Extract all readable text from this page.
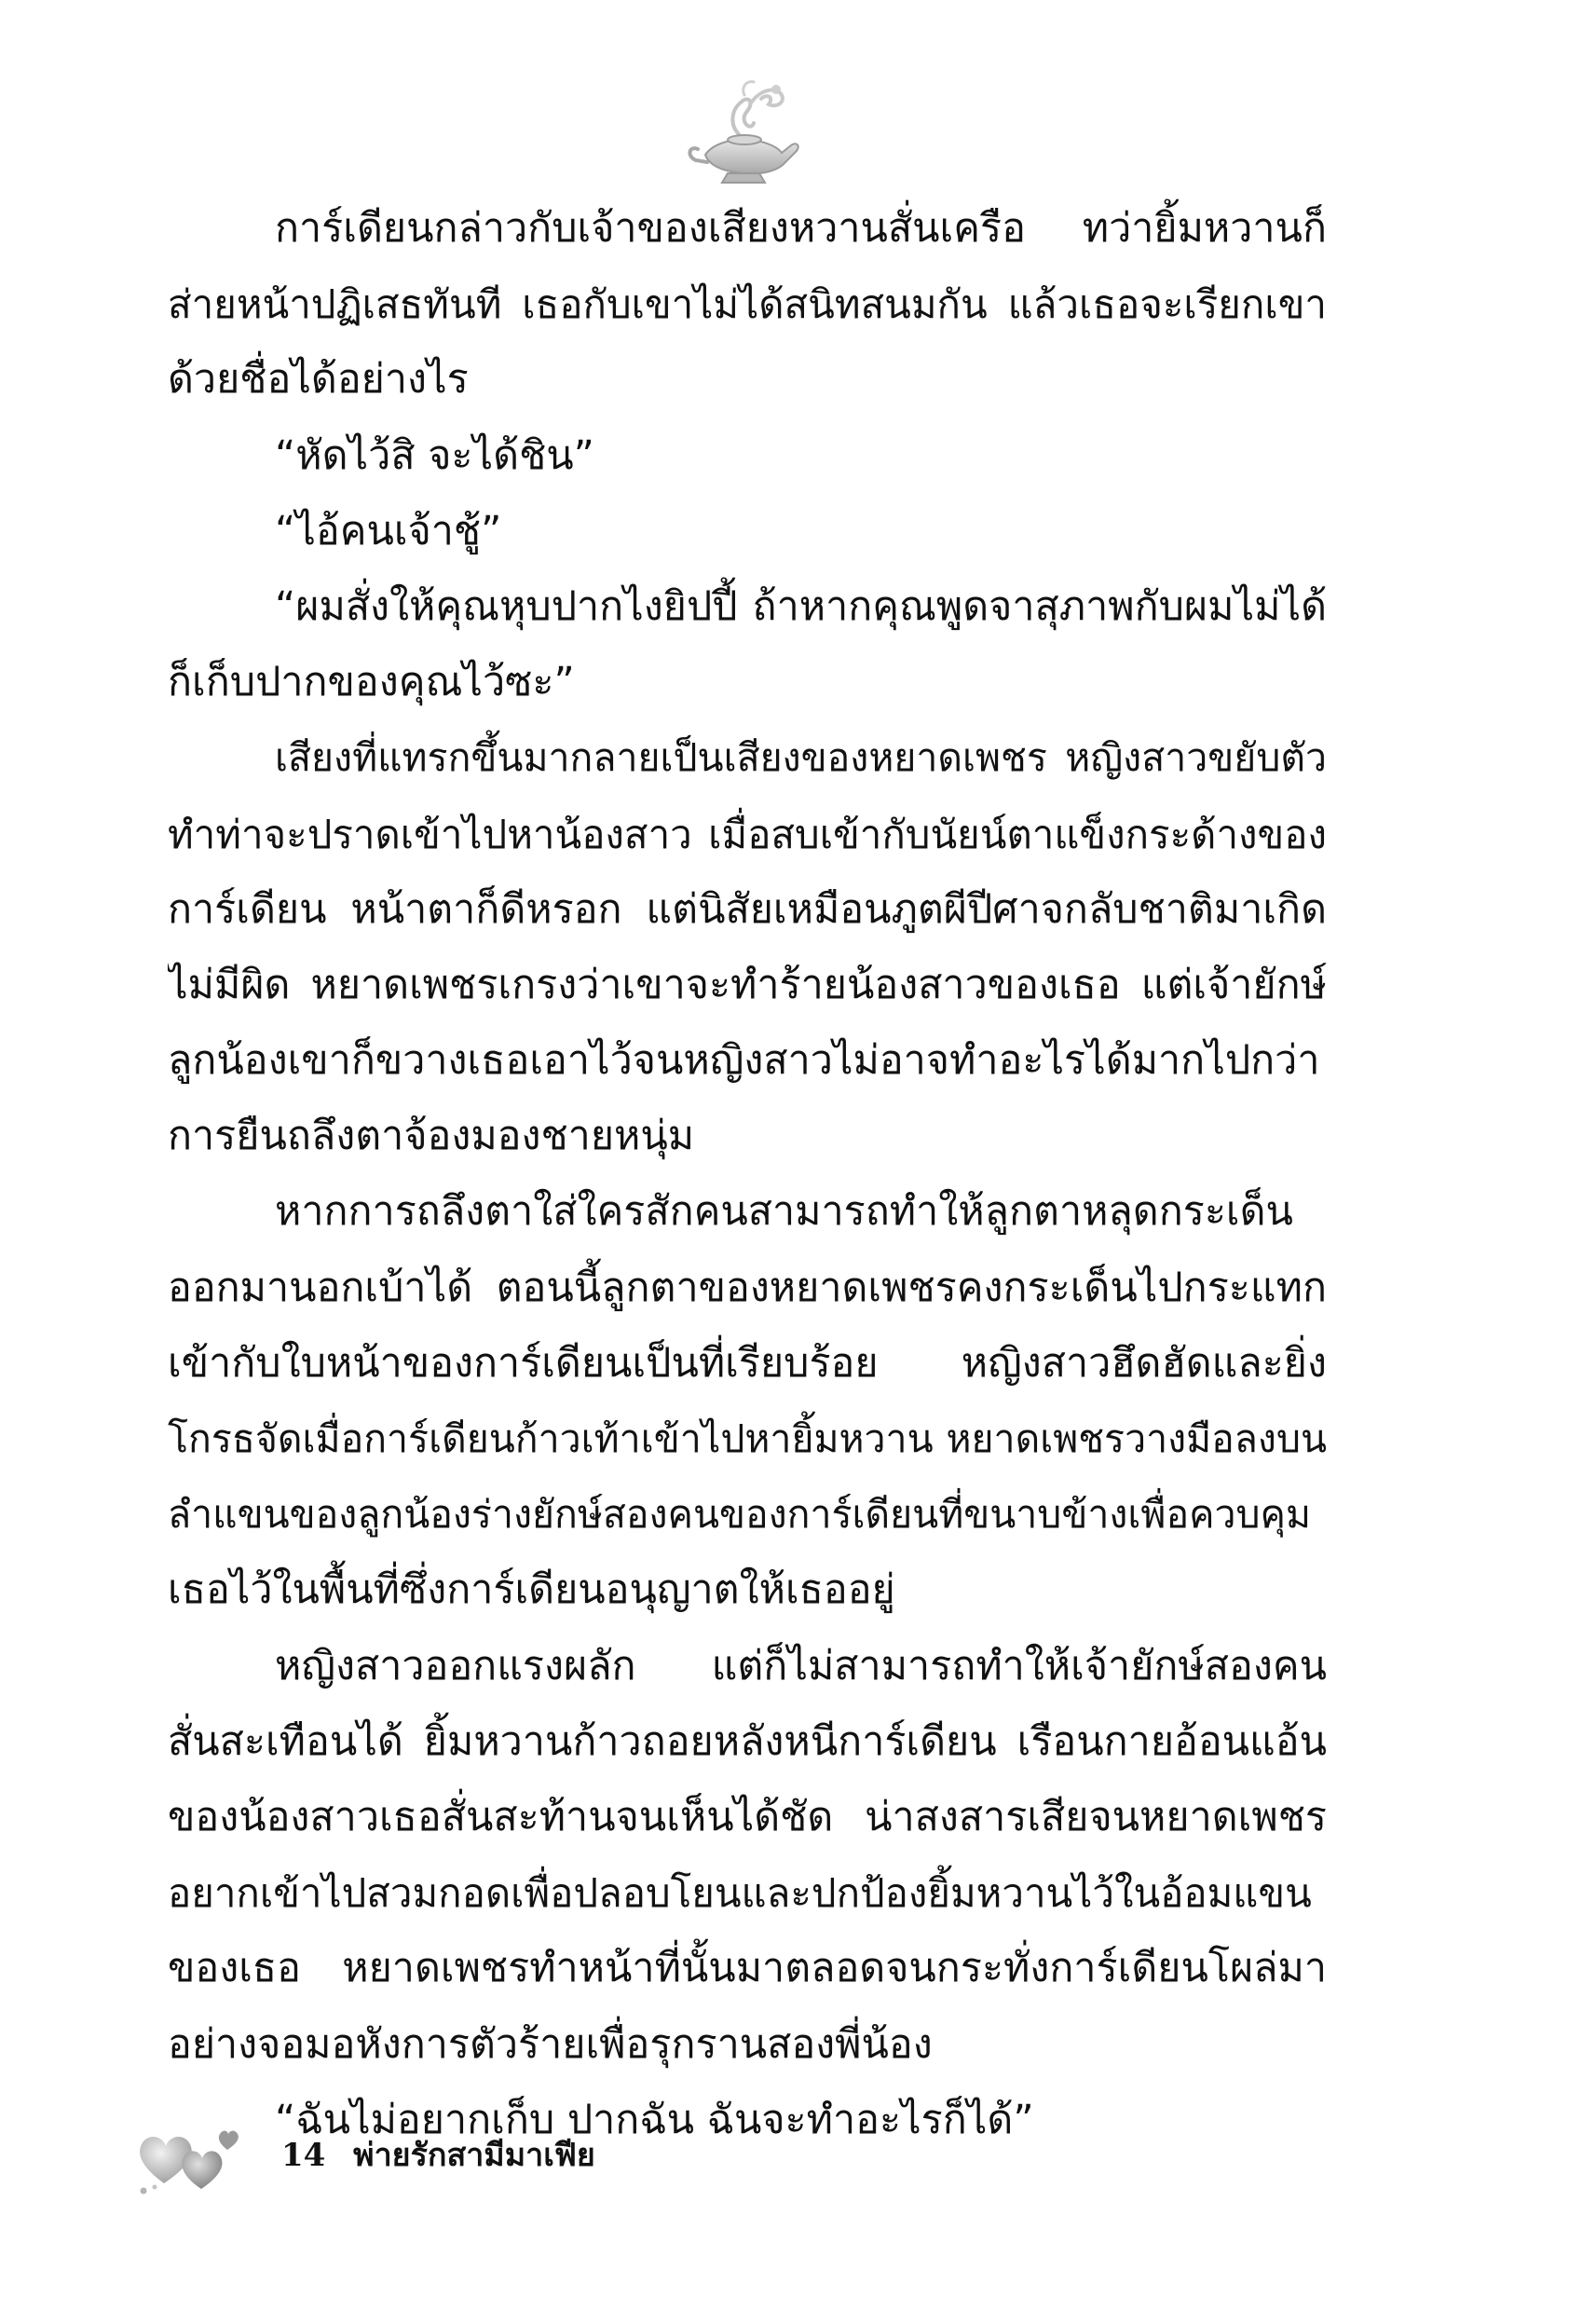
การ์เดียนกล่าวกับเจ้าของเสียงหวานสั่นเครือ ทว่ายิ้มหวานก็
ส่ายหน้าปฏิเสธทันที เธอกับเขาไม่ได้สนิทสนมกัน แล้วเธอจะเรียกเขา
ด้วยชื่อได้อย่างไร
“หัดไว้สิ จะได้ชิน”
“ไอ้คนเจ้าชู้”
“ผมสั่งให้คุณหุบปากไงยิปปี้ ถ้าหากคุณพูดจาสุภาพกับผมไม่ได้
ก็เก็บปากของคุณไว้ซะ”
เสียงที่แทรกขึ้นมากลายเป็นเสียงของหยาดเพชร หญิงสาวขยับตัว
ทำท่าจะปราดเข้าไปหาน้องสาว เมื่อสบเข้ากับนัยน์ตาแข็งกระด้างของ
การ์เดียน หน้าตาก็ดีหรอก แต่นิสัยเหมือนภูตผีปีศาจกลับชาติมาเกิด
ไม่มีผิด หยาดเพชรเกรงว่าเขาจะทำร้ายน้องสาวของเธอ แต่เจ้ายักษ์
ลูกน้องเขาก็ขวางเธอเอาไว้จนหญิงสาวไม่อาจทำอะไรได้มากไปกว่า
การยืนถลึงตาจ้องมองชายหนุ่ม
หากการถลึงตาใส่ใครสักคนสามารถทำให้ลูกตาหลุดกระเด็น
ออกมานอกเบ้าได้ ตอนนี้ลูกตาของหยาดเพชรคงกระเด็นไปกระแทก
เข้ากับใบหน้าของการ์เดียนเป็นที่เรียบร้อย หญิงสาวฮึดฮัดและยิ่ง
โกรธจัดเมื่อการ์เดียนก้าวเท้าเข้าไปหายิ้มหวาน หยาดเพชรวางมือลงบน
ลำแขนของลูกน้องร่างยักษ์สองคนของการ์เดียนที่ขนาบข้างเพื่อควบคุม
เธอไว้ในพื้นที่ซึ่งการ์เดียนอนุญาตให้เธออยู่
หญิงสาวออกแรงผลัก แต่ก็ไม่สามารถทำให้เจ้ายักษ์สองคน
สั่นสะเทือนได้ ยิ้มหวานก้าวถอยหลังหนีการ์เดียน เรือนกายอ้อนแอ้น
ของน้องสาวเธอสั่นสะท้านจนเห็นได้ชัด น่าสงสารเสียจนหยาดเพชร
อยากเข้าไปสวมกอดเพื่อปลอบโยนและปกป้องยิ้มหวานไว้ในอ้อมแขน
ของเธอ หยาดเพชรทำหน้าที่นั้นมาตลอดจนกระทั่งการ์เดียนโผล่มา
อย่างจอมอหังการตัวร้ายเพื่อรุกรานสองพี่น้อง
“ฉันไม่อยากเก็บ ปากฉัน ฉันจะทำอะไรก็ได้”
14 พ่ายรักสามีมาเฟีย
